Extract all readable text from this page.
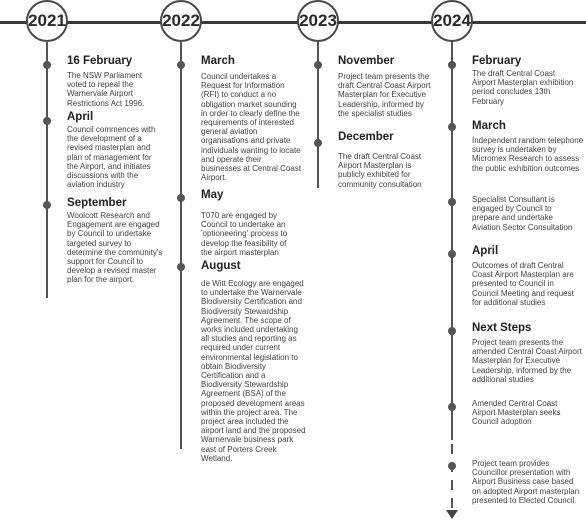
2021	2022	2023	2024
16 February
The NSW Parliament voted to repeal the Warnervale Airport Restrictions Act 1996.
April
Council commences with the development of a revised masterplan and plan of management for the Airport, and initiates discussions with the aviation industry
September
Woolcott Research and Engagement are engaged by Council to undertake targeted survey to determine the community's support for Council to develop a revised master plan for the airport.
March
Council undertakes a Request for Information (RFI) to conduct a no obligation market sounding in order to clearly define the requirements of interested general aviation organisations and private individuals wanting to locate and operate their businesses at Central Coast Airport.
May
T070 are engaged by Council to undertake an 'optioneering' process to develop the feasibility of the airport masterplan
August
de Witt Ecology are engaged to undertake the Warnervale Biodiversity Certification and Biodiversity Stewardship Agreement. The scope of works included undertaking all studies and reporting as required under current environmental legislation to obtain Biodiversity Certification and a Biodiversity Stewardship Agreement (BSA) of the proposed development areas within the project area. The project area included the airport land and the proposed Warnervale business park east of Porters Creek Wetland.
November
Project team presents the draft Central Coast Airport Masterplan for Executive Leadership, informed by the specialist studies
December
The draft Central Coast Airport Masterplan is publicly exhibited for community consultation
February
The draft Central Coast Airport Masterplan exhibition period concludes 13th February
March
Independent random telephone survey is undertaken by Micromex Research to assess the public exhibition outcomes
Specialist Consultant is engaged by Council to prepare and undertake Aviation Sector Consultation
April
Outcomes of draft Central Coast Airport Masterplan are presented to Council in Council Meeting and request for additional studies
Next Steps
Project team presents the amended Central Coast Airport Masterplan for Executive Leadership, informed by the additional studies
Amended Central Coast Airport Masterplan seeks Council adoption
Project team provides Councillor presentation with Airport Business case based on adopted Airport masterplan presented to Elected Council.
